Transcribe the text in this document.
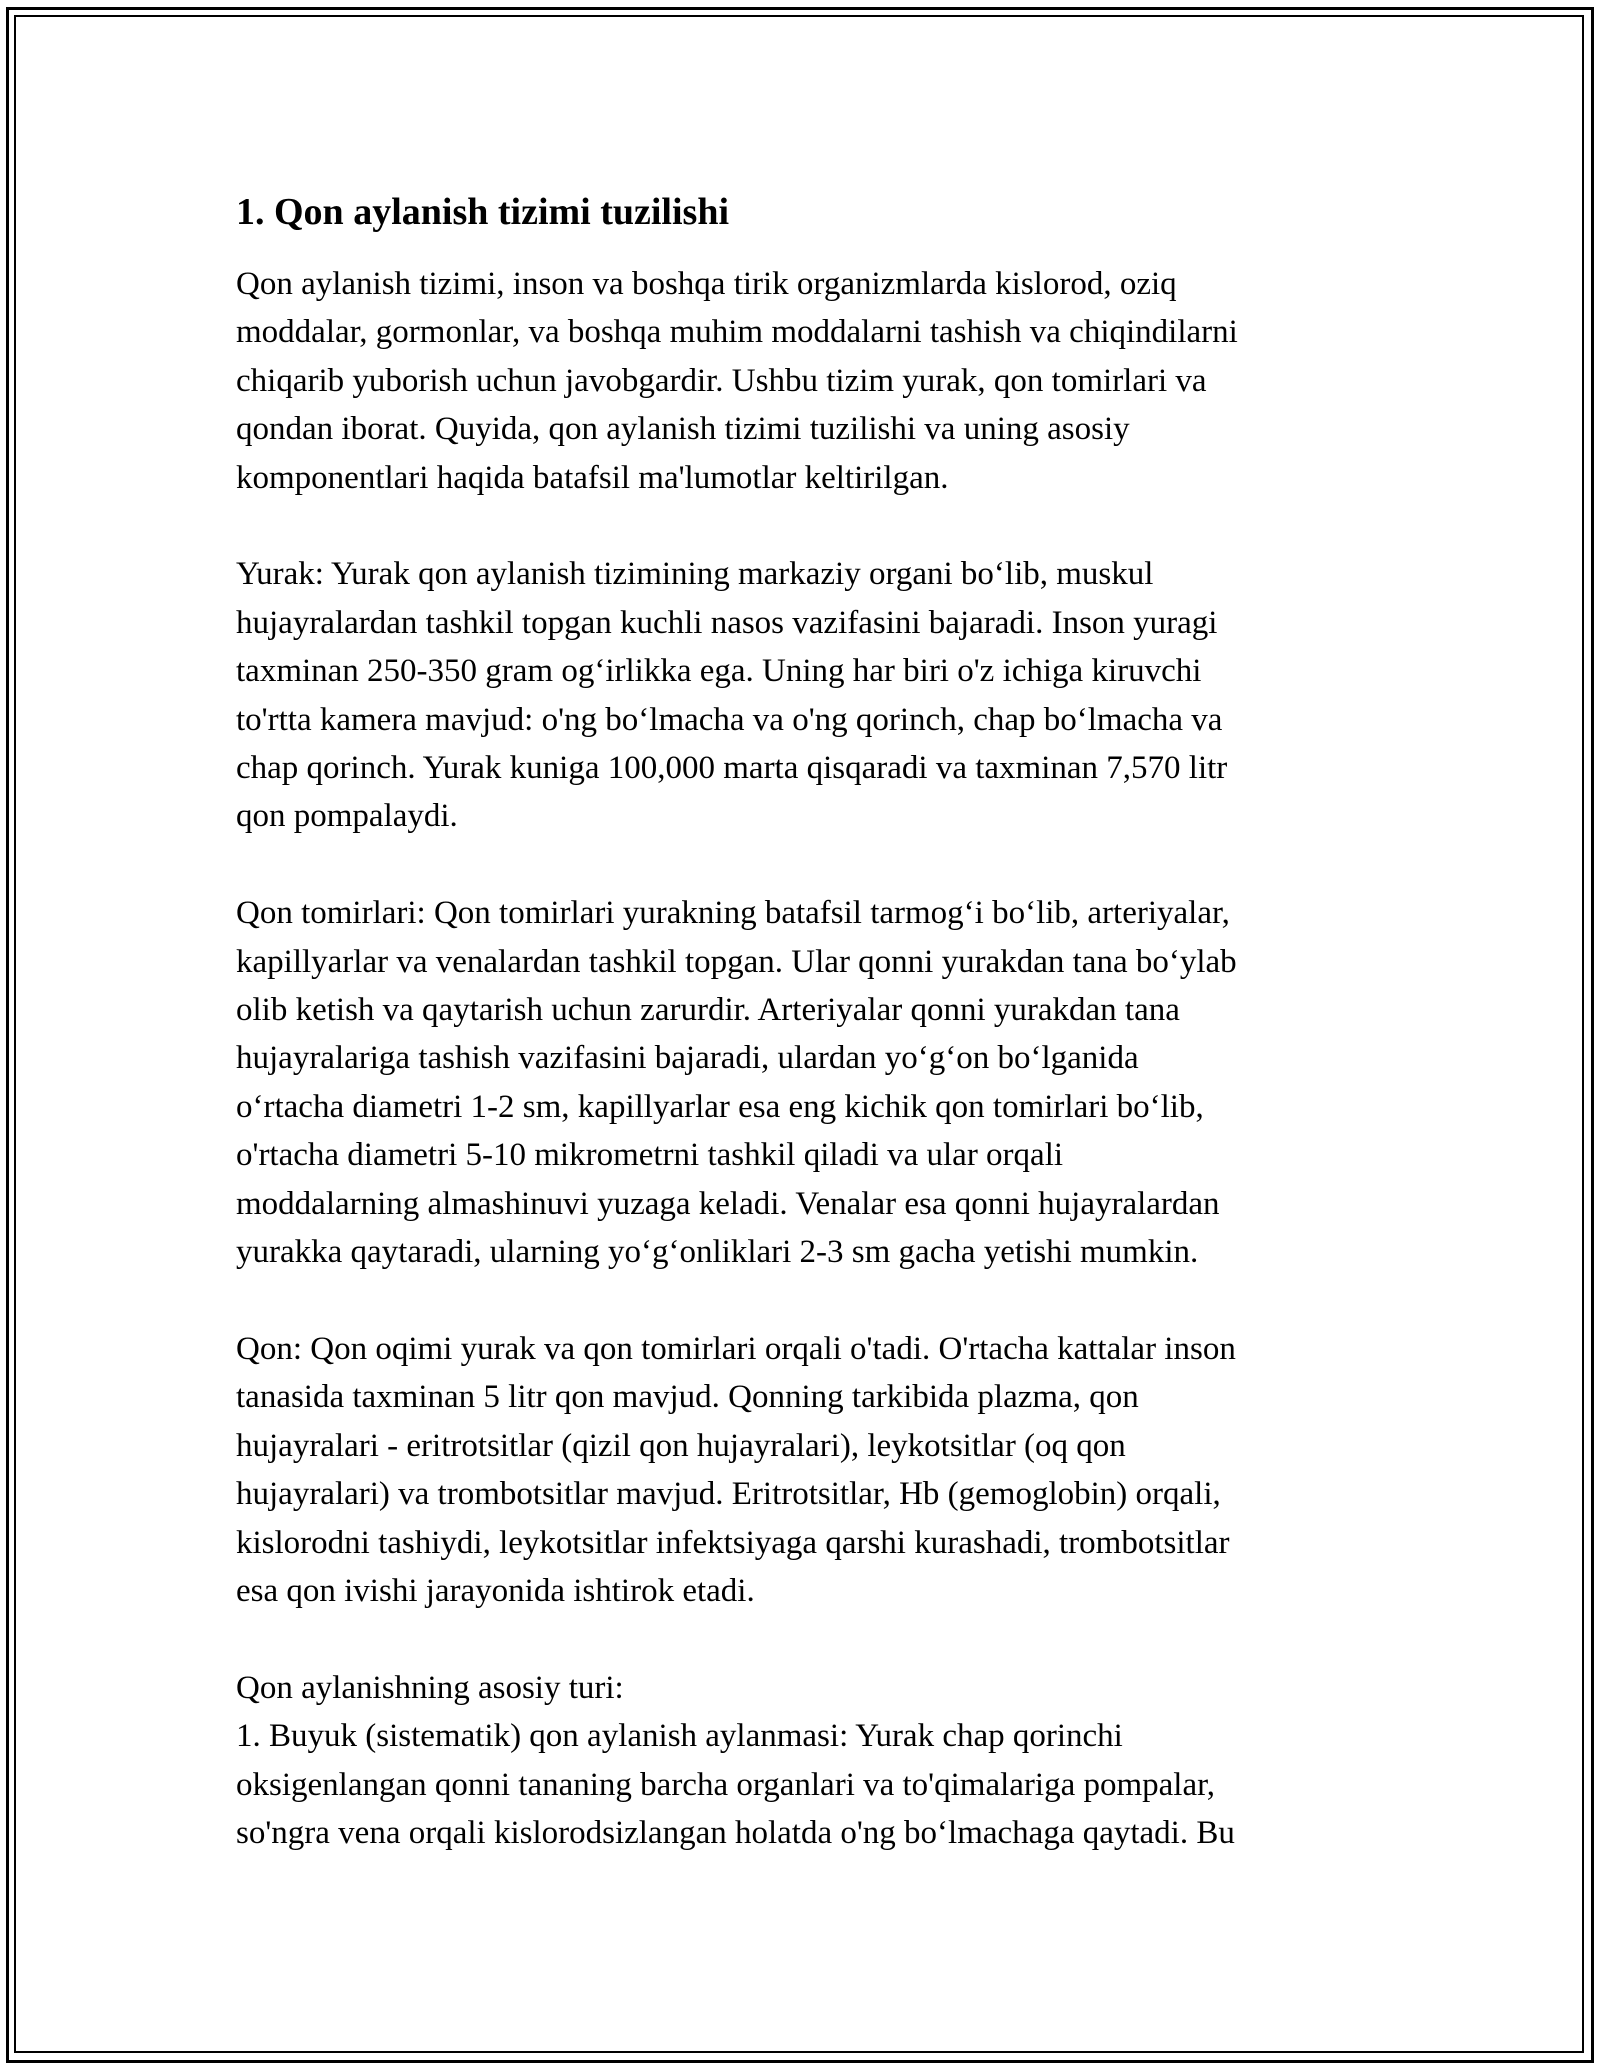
1. Qon aylanish tizimi tuzilishi

Qon aylanish tizimi, inson va boshqa tirik organizmlarda kislorod, oziq
moddalar, gormonlar, va boshqa muhim moddalarni tashish va chiqindilarni
chiqarib yuborish uchun javobgardir. Ushbu tizim yurak, qon tomirlari va
qondan iborat. Quyida, qon aylanish tizimi tuzilishi va uning asosiy
komponentlari haqida batafsil ma'lumotlar keltirilgan.

Yurak: Yurak qon aylanish tizimining markaziy organi bo‘lib, muskul
hujayralardan tashkil topgan kuchli nasos vazifasini bajaradi. Inson yuragi
taxminan 250-350 gram og‘irlikka ega. Uning har biri o'z ichiga kiruvchi
to'rtta kamera mavjud: o'ng bo‘lmacha va o'ng qorinch, chap bo‘lmacha va
chap qorinch. Yurak kuniga 100,000 marta qisqaradi va taxminan 7,570 litr
qon pompalaydi.

Qon tomirlari: Qon tomirlari yurakning batafsil tarmog‘i bo‘lib, arteriyalar,
kapillyarlar va venalardan tashkil topgan. Ular qonni yurakdan tana bo‘ylab
olib ketish va qaytarish uchun zarurdir. Arteriyalar qonni yurakdan tana
hujayralariga tashish vazifasini bajaradi, ulardan yo‘g‘on bo‘lganida
o‘rtacha diametri 1-2 sm, kapillyarlar esa eng kichik qon tomirlari bo‘lib,
o'rtacha diametri 5-10 mikrometrni tashkil qiladi va ular orqali
moddalarning almashinuvi yuzaga keladi. Venalar esa qonni hujayralardan
yurakka qaytaradi, ularning yo‘g‘onliklari 2-3 sm gacha yetishi mumkin.

Qon: Qon oqimi yurak va qon tomirlari orqali o'tadi. O'rtacha kattalar inson
tanasida taxminan 5 litr qon mavjud. Qonning tarkibida plazma, qon
hujayralari - eritrotsitlar (qizil qon hujayralari), leykotsitlar (oq qon
hujayralari) va trombotsitlar mavjud. Eritrotsitlar, Hb (gemoglobin) orqali,
kislorodni tashiydi, leykotsitlar infektsiyaga qarshi kurashadi, trombotsitlar
esa qon ivishi jarayonida ishtirok etadi.

Qon aylanishning asosiy turi:

1. Buyuk (sistematik) qon aylanish aylanmasi: Yurak chap qorinchi
oksigenlangan qonni tananing barcha organlari va to'qimalariga pompalar,
so'ngra vena orqali kislorodsizlangan holatda o'ng bo‘lmachaga qaytadi. Bu
